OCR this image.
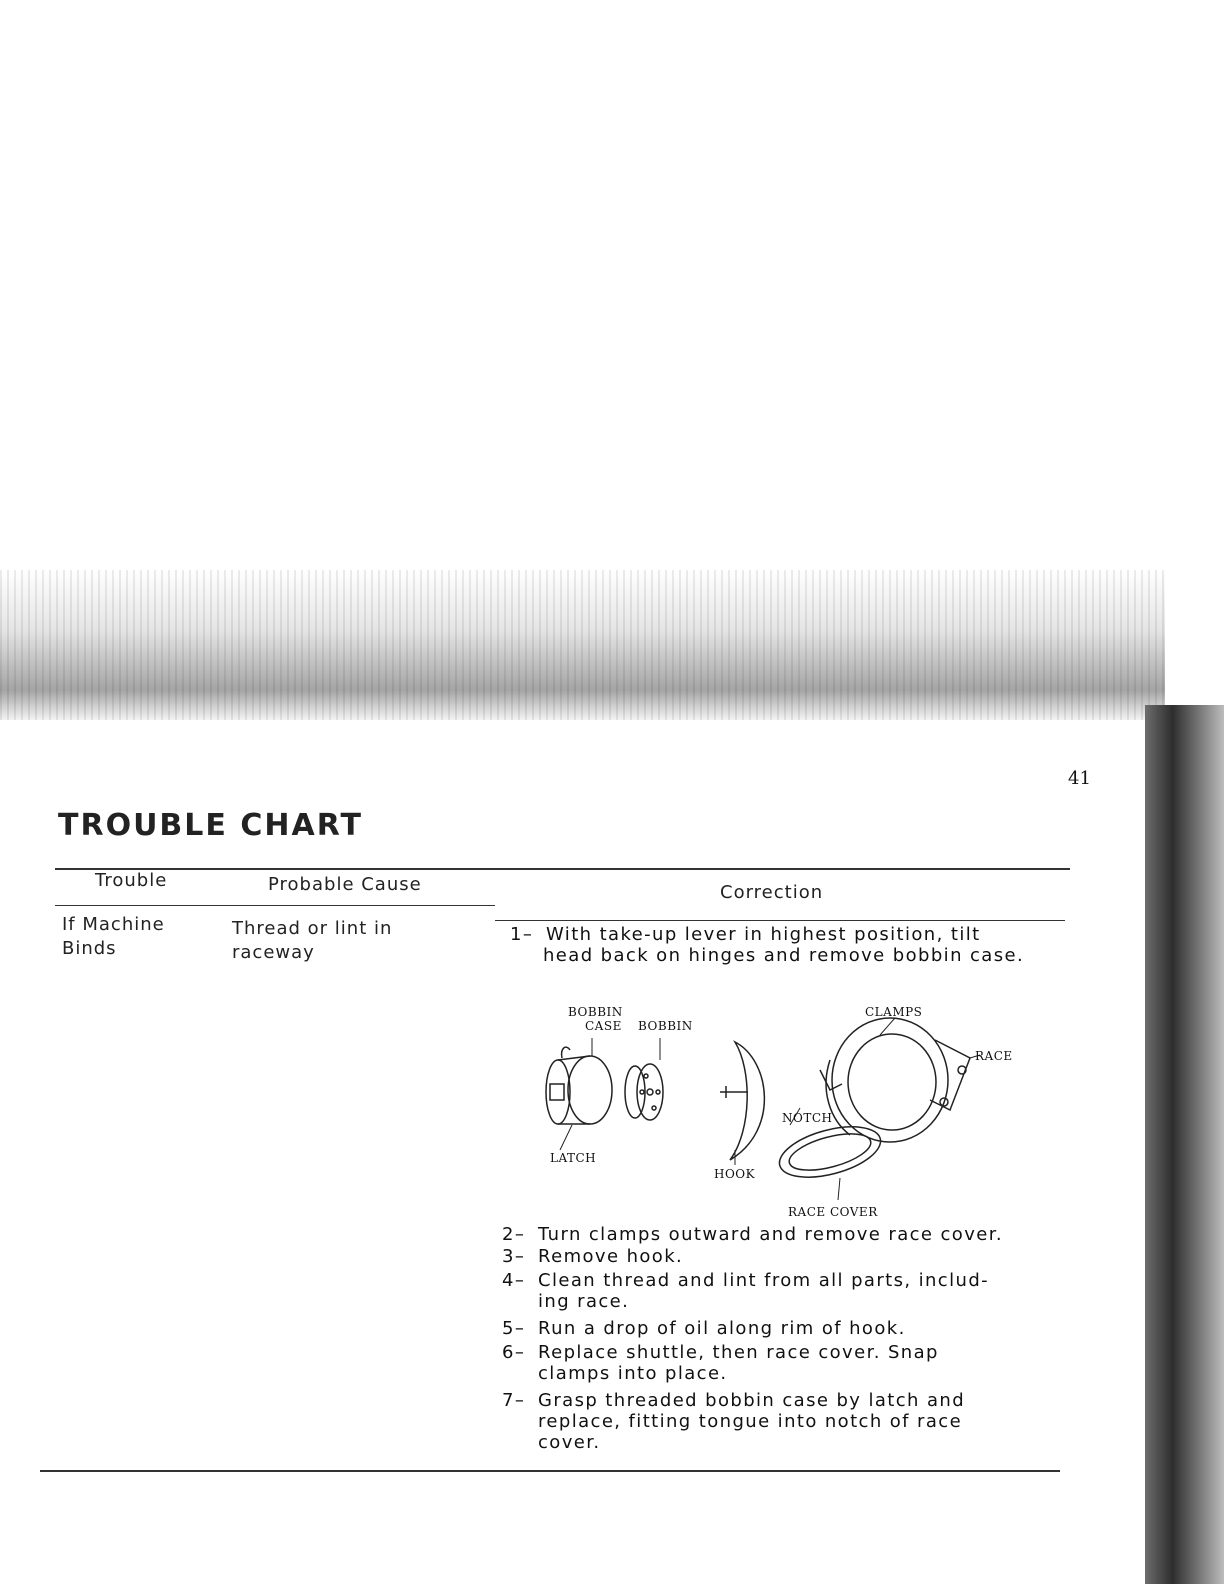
41
TROUBLE CHART
Trouble	Probable Cause	Correction
If Machine
Binds
Thread or lint in
raceway
1– With take-up lever in highest position, tilt
head back on hinges and remove bobbin case.
BOBBIN
CASE BOBBIN
LATCH
HOOK
NOTCH
CLAMPS
RACE
RACE COVER
2– Turn clamps outward and remove race cover.
3– Remove hook.
4– Clean thread and lint from all parts, includ-
ing race.
5– Run a drop of oil along rim of hook.
6– Replace shuttle, then race cover. Snap
clamps into place.
7– Grasp threaded bobbin case by latch and
replace, fitting tongue into notch of race
cover.
